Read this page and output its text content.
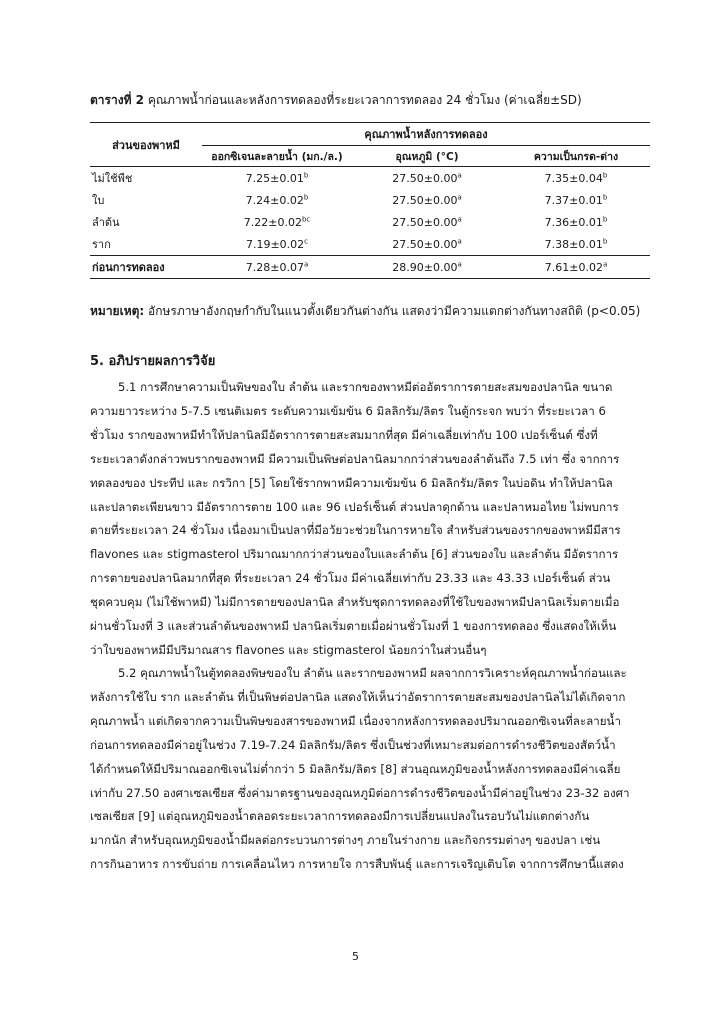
ตารางที่ 2 คุณภาพน้ำก่อนและหลังการทดลองที่ระยะเวลาการทดลอง 24 ชั่วโมง (ค่าเฉลี่ย±SD)
ส่วนของพาหมี	คุณภาพน้ำหลังการทดลอง		
	ออกซิเจนละลายน้ำ (มก./ล.)	อุณหภูมิ (°C)	ความเป็นกรด-ด่าง
ไม่ใช้พืช	7.25±0.01$^b$	27.50±0.00$^a$	7.35±0.04$^b$
ใบ	7.24±0.02$^b$	27.50±0.00$^a$	7.37±0.01$^b$
ลำต้น	7.22±0.02$^{bc}$	27.50±0.00$^a$	7.36±0.01$^b$
ราก	7.19±0.02$^c$	27.50±0.00$^a$	7.38±0.01$^b$
ก่อนการทดลอง	7.28±0.07$^a$	28.90±0.00$^a$	7.61±0.02$^a$
หมายเหตุ: อักษรภาษาอังกฤษกำกับในแนวตั้งเดียวกันต่างกัน แสดงว่ามีความแตกต่างกันทางสถิติ (p<0.05)
5. อภิปรายผลการวิจัย
5.1 การศึกษาความเป็นพิษของใบ ลำต้น และรากของพาหมีต่ออัตราการตายสะสมของปลานิล ขนาด
ความยาวระหว่าง 5-7.5 เซนติเมตร ระดับความเข้มข้น 6 มิลลิกรัม/ลิตร ในตู้กระจก พบว่า ที่ระยะเวลา 6
ชั่วโมง รากของพาหมีทำให้ปลานิลมีอัตราการตายสะสมมากที่สุด มีค่าเฉลี่ยเท่ากับ 100 เปอร์เซ็นต์ ซึ่งที่
ระยะเวลาดังกล่าวพบรากของพาหมี มีความเป็นพิษต่อปลานิลมากกว่าส่วนของลำต้นถึง 7.5 เท่า ซึ่ง จากการ
ทดลองของ ประทีป และ กรวิกา [5] โดยใช้รากพาหมีความเข้มข้น 6 มิลลิกรัม/ลิตร ในบ่อดิน ทำให้ปลานิล
และปลาตะเพียนขาว มีอัตราการตาย 100 และ 96 เปอร์เซ็นต์ ส่วนปลาดุกด้าน และปลาหมอไทย ไม่พบการ
ตายที่ระยะเวลา 24 ชั่วโมง เนื่องมาเป็นปลาที่มีอวัยวะช่วยในการหายใจ สำหรับส่วนของรากของพาหมีมีสาร
flavones และ stigmasterol ปริมาณมากกว่าส่วนของใบและลำต้น [6] ส่วนของใบ และลำต้น มีอัตราการ
การตายของปลานิลมากที่สุด ที่ระยะเวลา 24 ชั่วโมง มีค่าเฉลี่ยเท่ากับ 23.33 และ 43.33 เปอร์เซ็นต์ ส่วน
ชุดควบคุม (ไม่ใช้พาหมี) ไม่มีการตายของปลานิล สำหรับชุดการทดลองที่ใช้ใบของพาหมีปลานิลเริ่มตายเมื่อ
ผ่านชั่วโมงที่ 3 และส่วนลำต้นของพาหมี ปลานิลเริ่มตายเมื่อผ่านชั่วโมงที่ 1 ของการทดลอง ซึ่งแสดงให้เห็น
ว่าใบของพาหมีมีปริมาณสาร flavones และ stigmasterol น้อยกว่าในส่วนอื่นๆ
5.2 คุณภาพน้ำในตู้ทดลองพิษของใบ ลำต้น และรากของพาหมี ผลจากการวิเคราะห์คุณภาพน้ำก่อนและ
หลังการใช้ใบ ราก และลำต้น ที่เป็นพิษต่อปลานิล แสดงให้เห็นว่าอัตราการตายสะสมของปลานิลไม่ได้เกิดจาก
คุณภาพน้ำ แต่เกิดจากความเป็นพิษของสารของพาหมี เนื่องจากหลังการทดลองปริมาณออกซิเจนที่ละลายน้ำ
ก่อนการทดลองมีค่าอยู่ในช่วง 7.19-7.24 มิลลิกรัม/ลิตร ซึ่งเป็นช่วงที่เหมาะสมต่อการดำรงชีวิตของสัตว์น้ำ
ได้กำหนดให้มีปริมาณออกซิเจนไม่ต่ำกว่า 5 มิลลิกรัม/ลิตร [8] ส่วนอุณหภูมิของน้ำหลังการทดลองมีค่าเฉลี่ย
เท่ากับ 27.50 องศาเซลเซียส ซึ่งค่ามาตรฐานของอุณหภูมิต่อการดำรงชีวิตของน้ำมีค่าอยู่ในช่วง 23-32 องศา
เซลเซียส [9] แต่อุณหภูมิของน้ำตลอดระยะเวลาการทดลองมีการเปลี่ยนแปลงในรอบวันไม่แตกต่างกัน
มากนัก สำหรับอุณหภูมิของน้ำมีผลต่อกระบวนการต่างๆ ภายในร่างกาย และกิจกรรมต่างๆ ของปลา เช่น
การกินอาหาร การขับถ่าย การเคลื่อนไหว การหายใจ การสืบพันธุ์ และการเจริญเติบโต จากการศึกษานี้แสดง
5
